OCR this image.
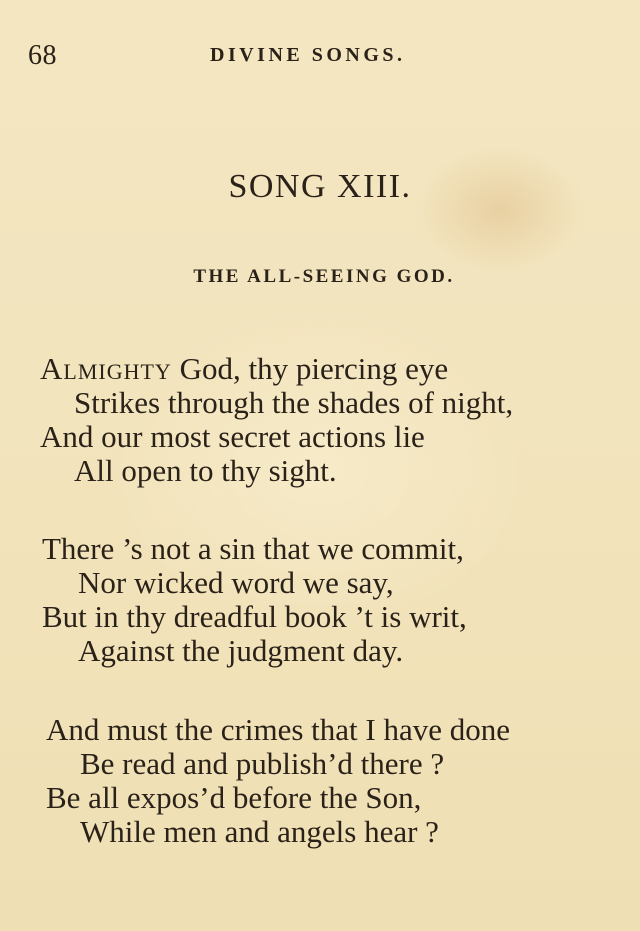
68	DIVINE SONGS.
SONG XIII.
THE ALL-SEEING GOD.
Almighty God, thy piercing eye
Strikes through the shades of night,
And our most secret actions lie
All open to thy sight.
There ’s not a sin that we commit,
Nor wicked word we say,
But in thy dreadful book ’t is writ,
Against the judgment day.
And must the crimes that I have done
Be read and publish’d there ?
Be all expos’d before the Son,
While men and angels hear ?
